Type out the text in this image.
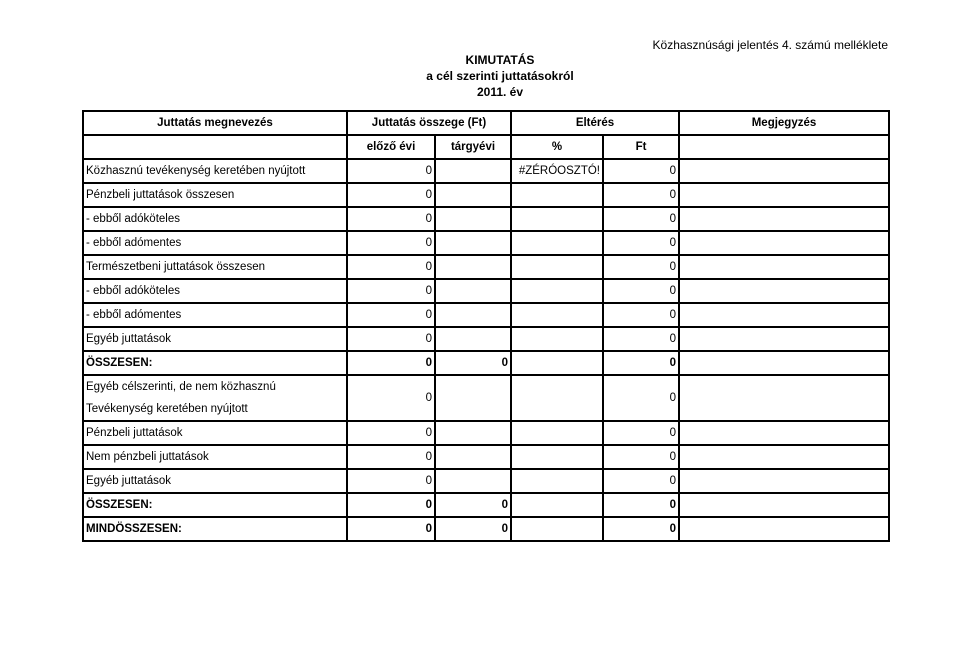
Közhasznúsági jelentés 4. számú melléklete
KIMUTATÁS
a cél szerinti juttatásokról
2011. év
Juttatás megnevezés	Juttatás összege (Ft)		Eltérés		Megjegyzés
	előző évi	tárgyévi	%	Ft	
Közhasznú tevékenység keretében nyújtott	0		#ZÉRÓOSZTÓ!	0	
Pénzbeli juttatások összesen	0			0	
- ebből adóköteles	0			0	
- ebből adómentes	0			0	
Természetbeni juttatások összesen	0			0	
- ebből adóköteles	0			0	
- ebből adómentes	0			0	
Egyéb juttatások	0			0	
ÖSSZESEN:	0	0		0	

Egyéb célszerinti, de nem közhasznú
Tevékenység keretében nyújtott	0			0	
Pénzbeli juttatások	0			0	
Nem pénzbeli juttatások	0			0	
Egyéb juttatások	0			0	
ÖSSZESEN:	0	0		0	
MINDÖSSZESEN:	0	0		0	
